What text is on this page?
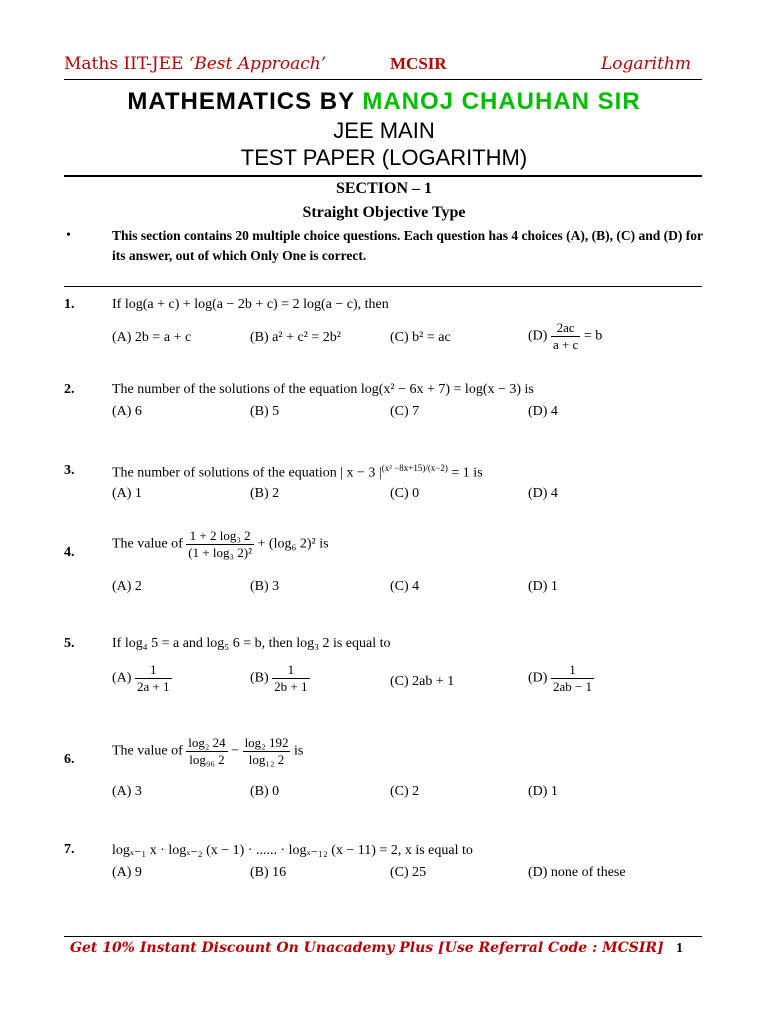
Maths IIT-JEE ‘Best Approach’	MCSIR	Logarithm
MATHEMATICS BY MANOJ CHAUHAN SIR
JEE MAIN
TEST PAPER (LOGARITHM)
SECTION – 1
Straight Objective Type
•	This section contains 20 multiple choice questions. Each question has 4 choices (A), (B), (C) and (D) for its answer, out of which Only One is correct.
1.	If log(a + c) + log(a − 2b + c) = 2 log(a − c), then
(A) 2b = a + c	(B) a² + c² = 2b²	(C) b² = ac	$(D) \frac{2ac}{a + c} = b$
2.	The number of the solutions of the equation log(x² − 6x + 7) = log(x − 3) is
(A) 6	(B) 5	(C) 7	(D) 4
3.	The number of solutions of the equation | x − 3 $|^{(x^2 -8x+15)/(x-2)} = 1$ is
(A) 1	(B) 2	(C) 0	(D) 4
4.
The value of $\frac{\text{1 + 2 log₃ 2}}{\text{(1 + log₃ 2)²}} + (\log_6$ 2)² is
(A) 2	(B) 3	(C) 4	(D) 1
5.	If log₄ 5 = a and log₅ 6 = b, then log₃ 2 is equal to
$(A) \frac{1}{2a + 1}$	$(B) \frac{1}{2b + 1}$	(C) 2ab + 1	$(D) \frac{1}{2ab - 1}$
6.
The value of $\frac{\text{log₂ 24}}{\text{log₉₆ 2}} - \frac{\text{log₂ 192}}{\text{log₁₂ 2}}$ is
(A) 3	(B) 0	(C) 2	(D) 1
7.	logₓ₋₁ x · logₓ₋₂ (x − 1) · ...... · logₓ₋₁₂ (x − 11) = 2, x is equal to
(A) 9	(B) 16	(C) 25	(D) none of these
Get 10% Instant Discount On Unacademy Plus [Use Referral Code : MCSIR] 1
